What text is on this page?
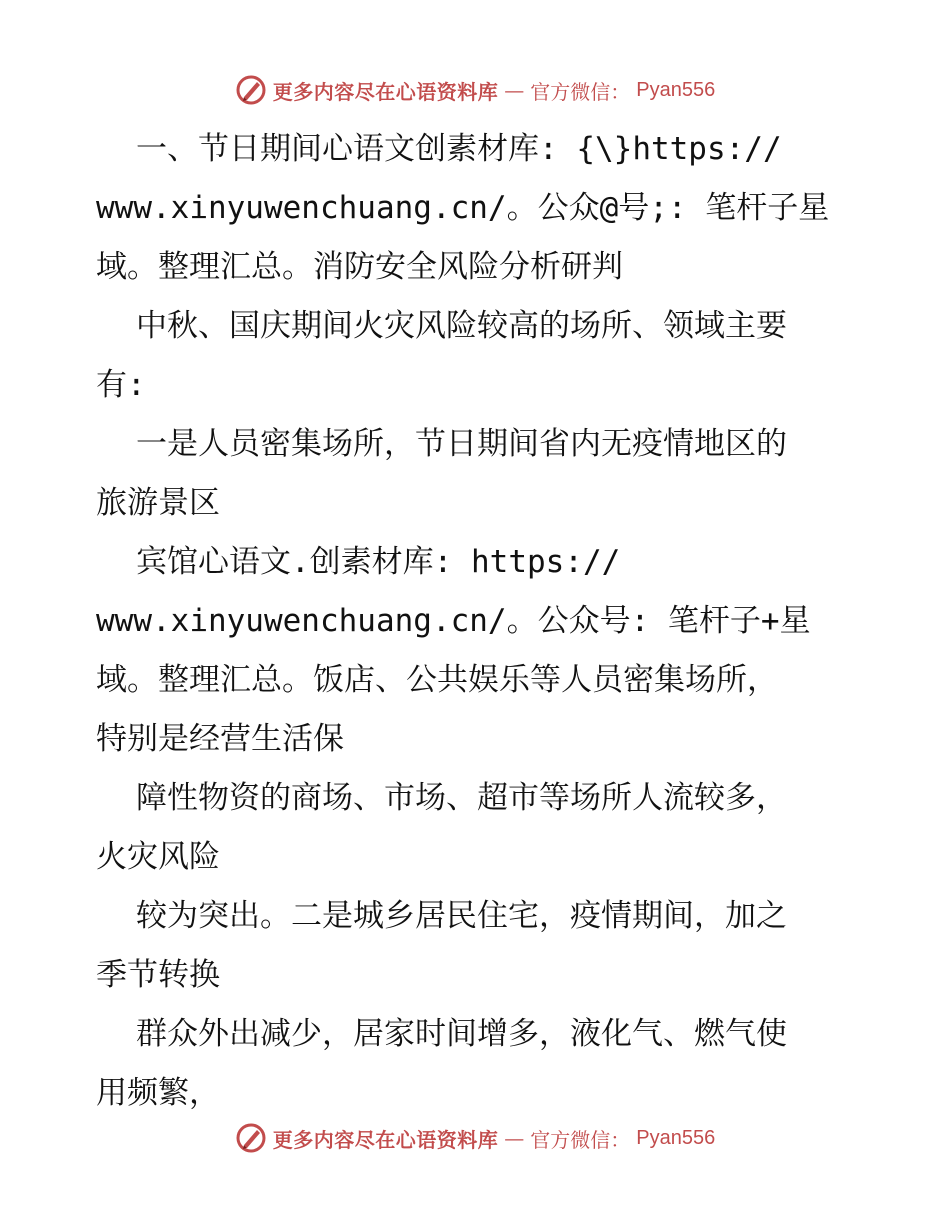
更多内容尽在心语资料库 — 官方微信： Pyan556
一、节日期间心语文创素材库: {\}https://
www.xinyuwenchuang.cn/。公众@号;: 笔杆子星
域。整理汇总。消防安全风险分析研判
中秋、国庆期间火灾风险较高的场所、领域主要
有:
一是人员密集场所，节日期间省内无疫情地区的
旅游景区
宾馆心语文.创素材库: https://
www.xinyuwenchuang.cn/。公众号: 笔杆子+星
域。整理汇总。饭店、公共娱乐等人员密集场所，
特别是经营生活保
障性物资的商场、市场、超市等场所人流较多，
火灾风险
较为突出。二是城乡居民住宅，疫情期间，加之
季节转换
群众外出减少，居家时间增多，液化气、燃气使
用频繁，
更多内容尽在心语资料库 — 官方微信： Pyan556
